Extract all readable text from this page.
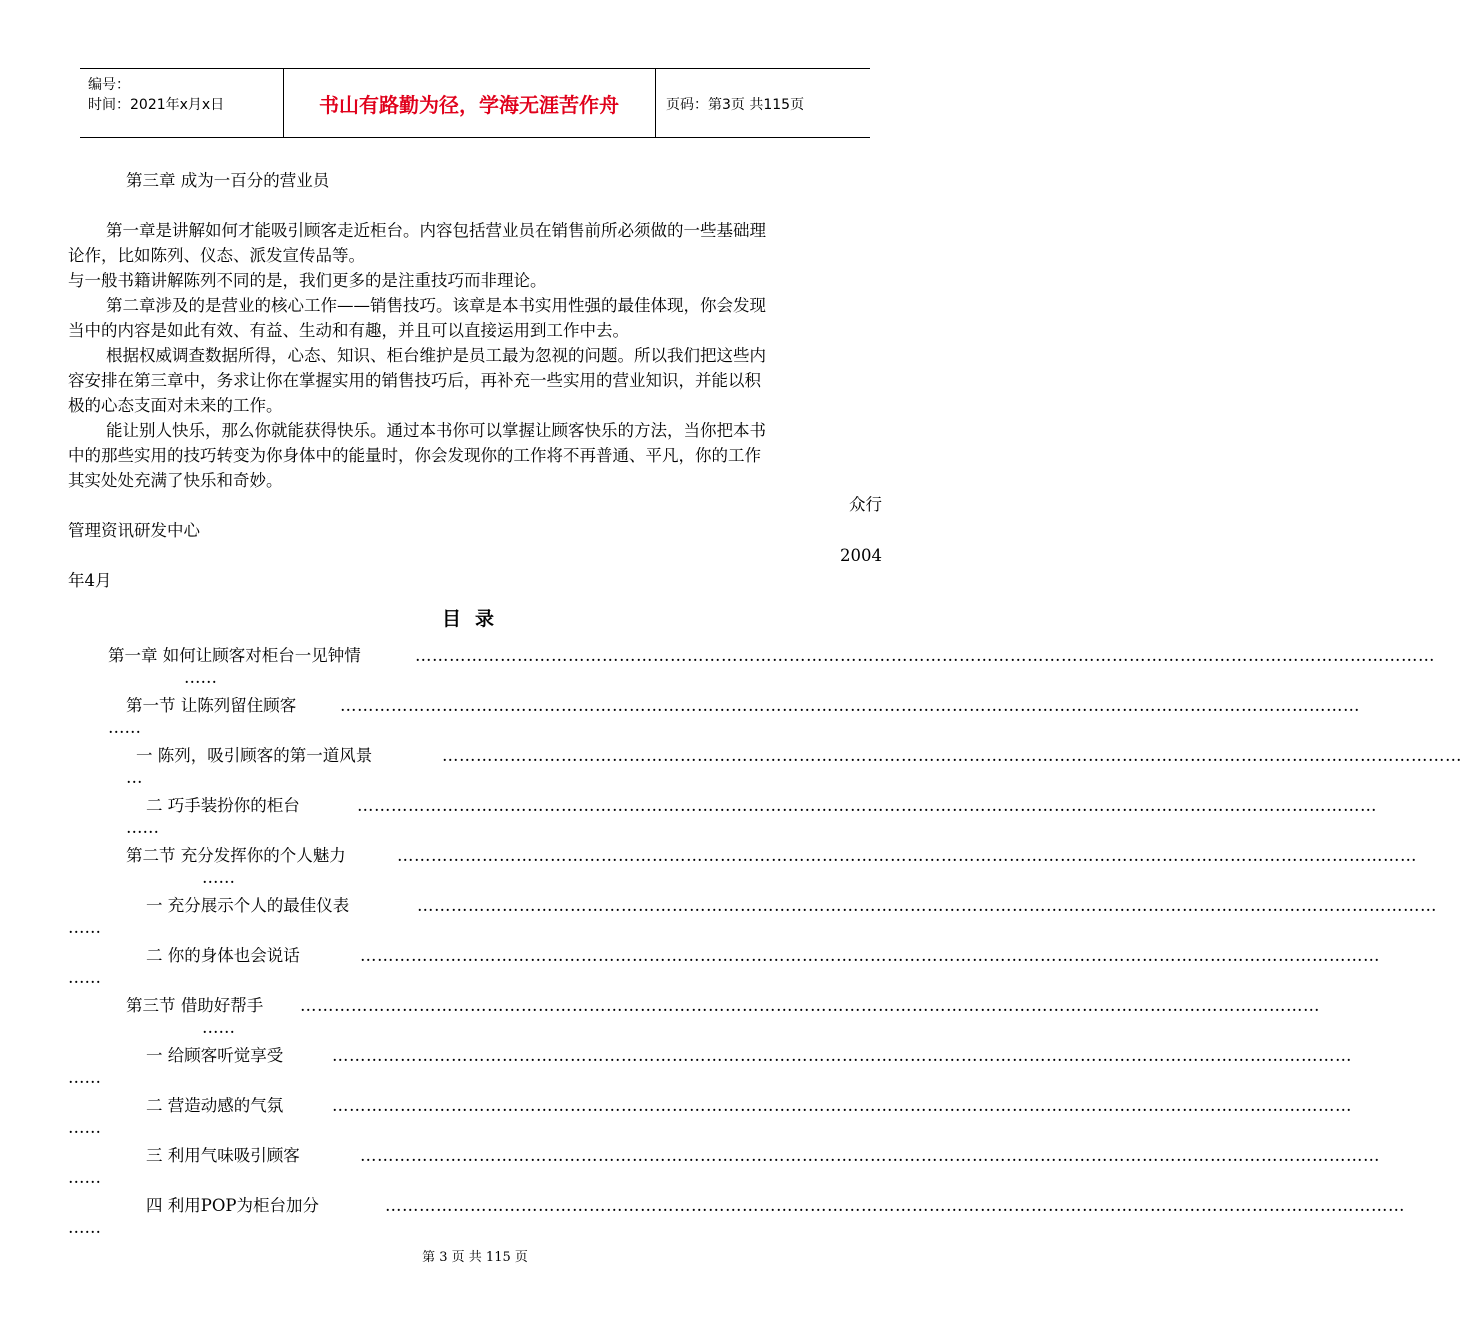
编号：
时间：2021年x月x日	书山有路勤为径，学海无涯苦作舟	页码：第3页 共115页
第三章 成为一百分的营业员
第一章是讲解如何才能吸引顾客走近柜台。内容包括营业员在销售前所必须做的一些基础理
论作，比如陈列、仪态、派发宣传品等。
与一般书籍讲解陈列不同的是，我们更多的是注重技巧而非理论。
第二章涉及的是营业的核心工作——销售技巧。该章是本书实用性强的最佳体现，你会发现
当中的内容是如此有效、有益、生动和有趣，并且可以直接运用到工作中去。
根据权威调查数据所得，心态、知识、柜台维护是员工最为忽视的问题。所以我们把这些内
容安排在第三章中，务求让你在掌握实用的销售技巧后，再补充一些实用的营业知识，并能以积
极的心态支面对未来的工作。
能让别人快乐，那么你就能获得快乐。通过本书你可以掌握让顾客快乐的方法，当你把本书
中的那些实用的技巧转变为你身体中的能量时，你会发现你的工作将不再普通、平凡，你的工作
其实处处充满了快乐和奇妙。
众行
管理资讯研发中心
2004
年4月
目录
第一章 如何让顾客对柜台一见钟情	………………………………………………………………………………………………………………………………………………………………
……
第一节 让陈列留住顾客	………………………………………………………………………………………………………………………………………………………………
……
一 陈列，吸引顾客的第一道风景	………………………………………………………………………………………………………………………………………………………………
…
二 巧手装扮你的柜台	………………………………………………………………………………………………………………………………………………………………
……
第二节 充分发挥你的个人魅力	………………………………………………………………………………………………………………………………………………………………
……
一 充分展示个人的最佳仪表	………………………………………………………………………………………………………………………………………………………………
……
二 你的身体也会说话	………………………………………………………………………………………………………………………………………………………………
……
第三节 借助好帮手 ………………………………………………………………………………………………………………………………………………………………
……
一 给顾客听觉享受	………………………………………………………………………………………………………………………………………………………………
……
二 营造动感的气氛	………………………………………………………………………………………………………………………………………………………………
……
三 利用气味吸引顾客	………………………………………………………………………………………………………………………………………………………………
……
四 利用POP为柜台加分	………………………………………………………………………………………………………………………………………………………………
……
第 3 页 共 115 页
